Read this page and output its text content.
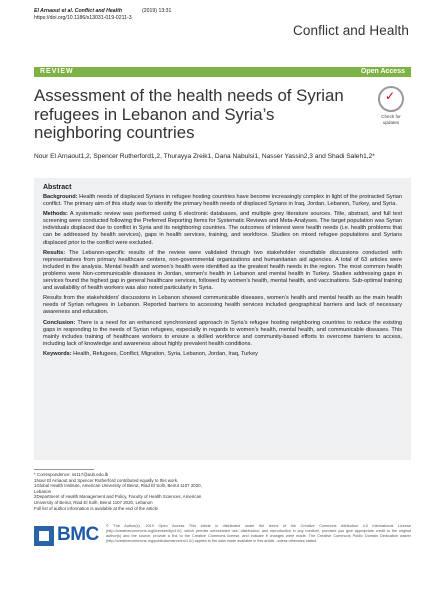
El Arnaout et al. Conflict and Health	(2019) 13:31
https://doi.org/10.1186/s13031-019-0211-3
Conflict and Health
REVIEW	Open Access
Assessment of the health needs of Syrian refugees in Lebanon and Syria’s neighboring countries
✓
Check for updates
Nour El Arnaout1,2, Spencer Rutherford1,2, Thurayya Zreik1, Dana Nabulsi1, Nasser Yassin2,3 and Shadi Saleh1,2*
Abstract

Background: Health needs of displaced Syrians in refugee hosting countries have become increasingly complex in light of the protracted Syrian conflict. The primary aim of this study was to identify the primary health needs of displaced Syrians in Iraq, Jordan, Lebanon, Turkey, and Syria.

Methods: A systematic review was performed using 6 electronic databases, and multiple grey literature sources. Title, abstract, and full text screening were conducted following the Preferred Reporting Items for Systematic Reviews and Meta-Analyses. The target population was Syrian individuals displaced due to conflict in Syria and its neighboring countries. The outcomes of interest were health needs (i.e. health problems that can be addressed by health services), gaps in health services, training, and workforce. Studies on mixed refugee populations and Syrians displaced prior to the conflict were excluded.

Results: The Lebanon-specific results of the review were validated through two stakeholder roundtable discussions conducted with representatives from primary healthcare centers, non-governmental organizations and humanitarian aid agencies. A total of 63 articles were included in the analysis. Mental health and women’s health were identified as the greatest health needs in the region. The most common health problems were Non-communicable diseases in Jordan, women’s health in Lebanon and mental health in Turkey. Studies addressing gaps in services found the highest gap in general healthcare services, followed by women’s health, mental health, and vaccinations. Sub-optimal training and availability of health workers was also noted particularly in Syria.

Results from the stakeholders’ discussions in Lebanon showed communicable diseases, women’s health and mental health as the main health needs of Syrian refugees in Lebanon. Reported barriers to accessing health services included geographical barriers and lack of necessary awareness and education.

Conclusion: There is a need for an enhanced synchronized approach in Syria’s refugee hosting neighboring countries to reduce the existing gaps in responding to the needs of Syrian refugees, especially in regards to women’s health, mental health, and communicable diseases. This mainly includes training of healthcare workers to ensure a skilled workforce and community-based efforts to overcome barriers to access, including lack of knowledge and awareness about highly prevalent health conditions.

Keywords: Health, Refugees, Conflict, Migration, Syria, Lebanon, Jordan, Iraq, Turkey

* Correspondence: ss117@aub.edu.lb
1Nour El Arnaout and Spencer Rutherford contributed equally to this work.
1Global Health Institute, American University of Beirut, Riad El Solh, Beirut 1107 2020, Lebanon
2Department of Health Management and Policy, Faculty of Health Sciences, American University of Beirut, Riad El Solh, Beirut 1107 2020, Lebanon
Full list of author information is available at the end of the article
BMC © The Author(s). 2019 Open Access This article is distributed under the terms of the Creative Commons Attribution 4.0 International License (http://creativecommons.org/licenses/by/4.0/), which permits unrestricted use, distribution, and reproduction in any medium, provided you give appropriate credit to the original author(s) and the source, provide a link to the Creative Commons license, and indicate if changes were made. The Creative Commons Public Domain Dedication waiver (http://creativecommons.org/publicdomain/zero/1.0/) applies to the data made available in this article, unless otherwise stated.
